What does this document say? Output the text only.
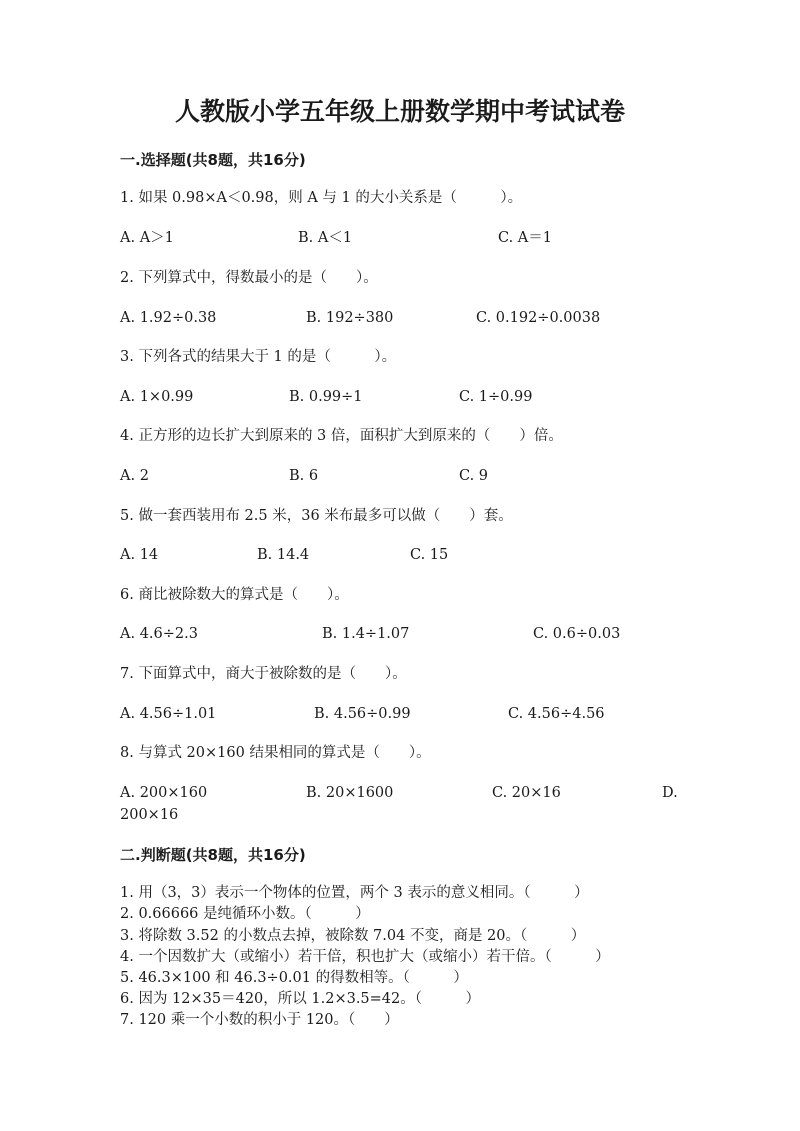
人教版小学五年级上册数学期中考试试卷
一.选择题(共8题，共16分)
1. 如果 0.98×A＜0.98，则 A 与 1 的大小关系是（　　　）。
A. A＞1	B. A＜1	C. A＝1
2. 下列算式中，得数最小的是（　　）。
A. 1.92÷0.38	B. 192÷380	C. 0.192÷0.0038
3. 下列各式的结果大于 1 的是（　　　）。
A. 1×0.99	B. 0.99÷1	C. 1÷0.99
4. 正方形的边长扩大到原来的 3 倍，面积扩大到原来的（　　）倍。
A. 2	B. 6	C. 9
5. 做一套西装用布 2.5 米，36 米布最多可以做（　　）套。
A. 14	B. 14.4	C. 15
6. 商比被除数大的算式是（　　）。
A. 4.6÷2.3	B. 1.4÷1.07	C. 0.6÷0.03
7. 下面算式中，商大于被除数的是（　　）。
A. 4.56÷1.01	B. 4.56÷0.99	C. 4.56÷4.56
8. 与算式 20×160 结果相同的算式是（　　）。
A. 200×160	B. 20×1600	C. 20×16	D.
200×16
二.判断题(共8题，共16分)
1. 用（3，3）表示一个物体的位置，两个 3 表示的意义相同。（　　　）
2. 0.66666 是纯循环小数。（　　　）
3. 将除数 3.52 的小数点去掉，被除数 7.04 不变，商是 20。（　　　）
4. 一个因数扩大（或缩小）若干倍，积也扩大（或缩小）若干倍。（　　　）
5. 46.3×100 和 46.3÷0.01 的得数相等。（　　　）
6. 因为 12×35＝420，所以 1.2×3.5=42。（　　　）
7. 120 乘一个小数的积小于 120。（　　）
